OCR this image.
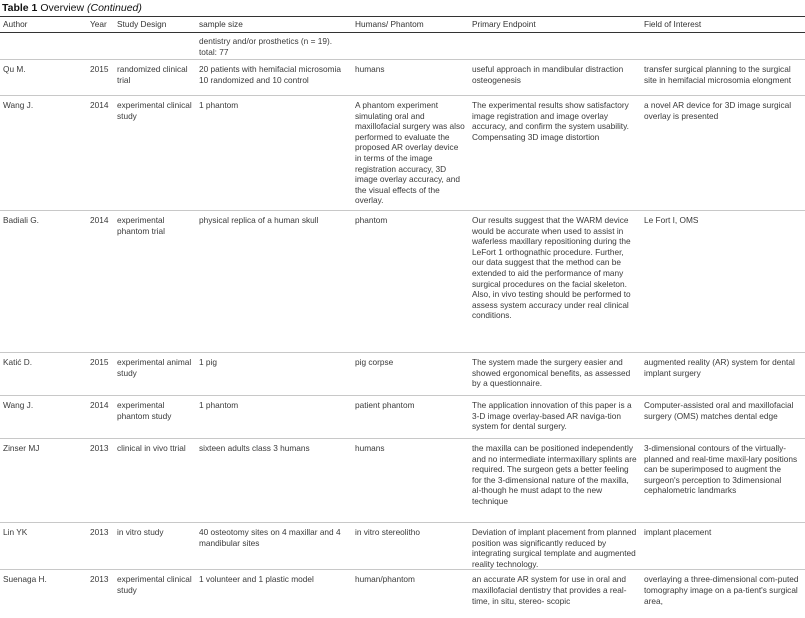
Table 1 Overview (Continued)
Author	Year	Study Design	sample size	Humans/ Phantom	Primary Endpoint	Field of Interest
			dentistry and/or prosthetics (n = 19). total: 77			
Qu M.	2015	randomized clinical trial	20 patients with hemifacial microsomia 10 randomized and 10 control	humans	useful approach in mandibular distraction osteogenesis	transfer surgical planning to the surgical site in hemifacial microsomia elongment
Wang J.	2014	experimental clinical study	1 phantom	A phantom experiment simulating oral and maxillofacial surgery was also performed to evaluate the proposed AR overlay device in terms of the image registration accuracy, 3D image overlay accuracy, and the visual effects of the overlay.	The experimental results show satisfactory image registration and image overlay accuracy, and confirm the system usability. Compensating 3D image distortion	a novel AR device for 3D image surgical overlay is presented
Badiali G.	2014	experimental phantom trial	physical replica of a human skull	phantom	Our results suggest that the WARM device would be accurate when used to assist in waferless maxillary repositioning during the LeFort 1 orthognathic procedure. Further, our data suggest that the method can be extended to aid the performance of many surgical procedures on the facial skeleton. Also, in vivo testing should be performed to assess system accuracy under real clinical conditions.	Le Fort I, OMS
Katić D.	2015	experimental animal study	1 pig	pig corpse	The system made the surgery easier and showed ergonomical benefits, as assessed by a questionnaire.	augmented reality (AR) system for dental implant surgery
Wang J.	2014	experimental phantom study	1 phantom	patient phantom	The application innovation of this paper is a 3-D image overlay-based AR naviga-tion system for dental surgery.	Computer-assisted oral and maxillofacial surgery (OMS) matches dental edge
Zinser MJ	2013	clinical in vivo ttrial	sixteen adults class 3 humans	humans	the maxilla can be positioned independently and no intermediate intermaxillary splints are required. The surgeon gets a better feeling for the 3-dimensional nature of the maxilla, al-though he must adapt to the new technique	3-dimensional contours of the virtually-planned and real-time maxil-lary positions can be superimposed to augment the surgeon's perception to 3dimensional cephalometric landmarks
Lin YK	2013	in vitro study	40 osteotomy sites on 4 maxillar and 4 mandibular sites	in vitro stereolitho	Deviation of implant placement from planned position was significantly reduced by integrating surgical template and augmented reality technology.	implant placement
Suenaga H.	2013	experimental clinical study	1 volunteer and 1 plastic model	human/phantom	an accurate AR system for use in oral and maxillofacial dentistry that provides a real-time, in situ, stereo- scopic	overlaying a three-dimensional com-puted tomography image on a pa-tient's surgical area,
